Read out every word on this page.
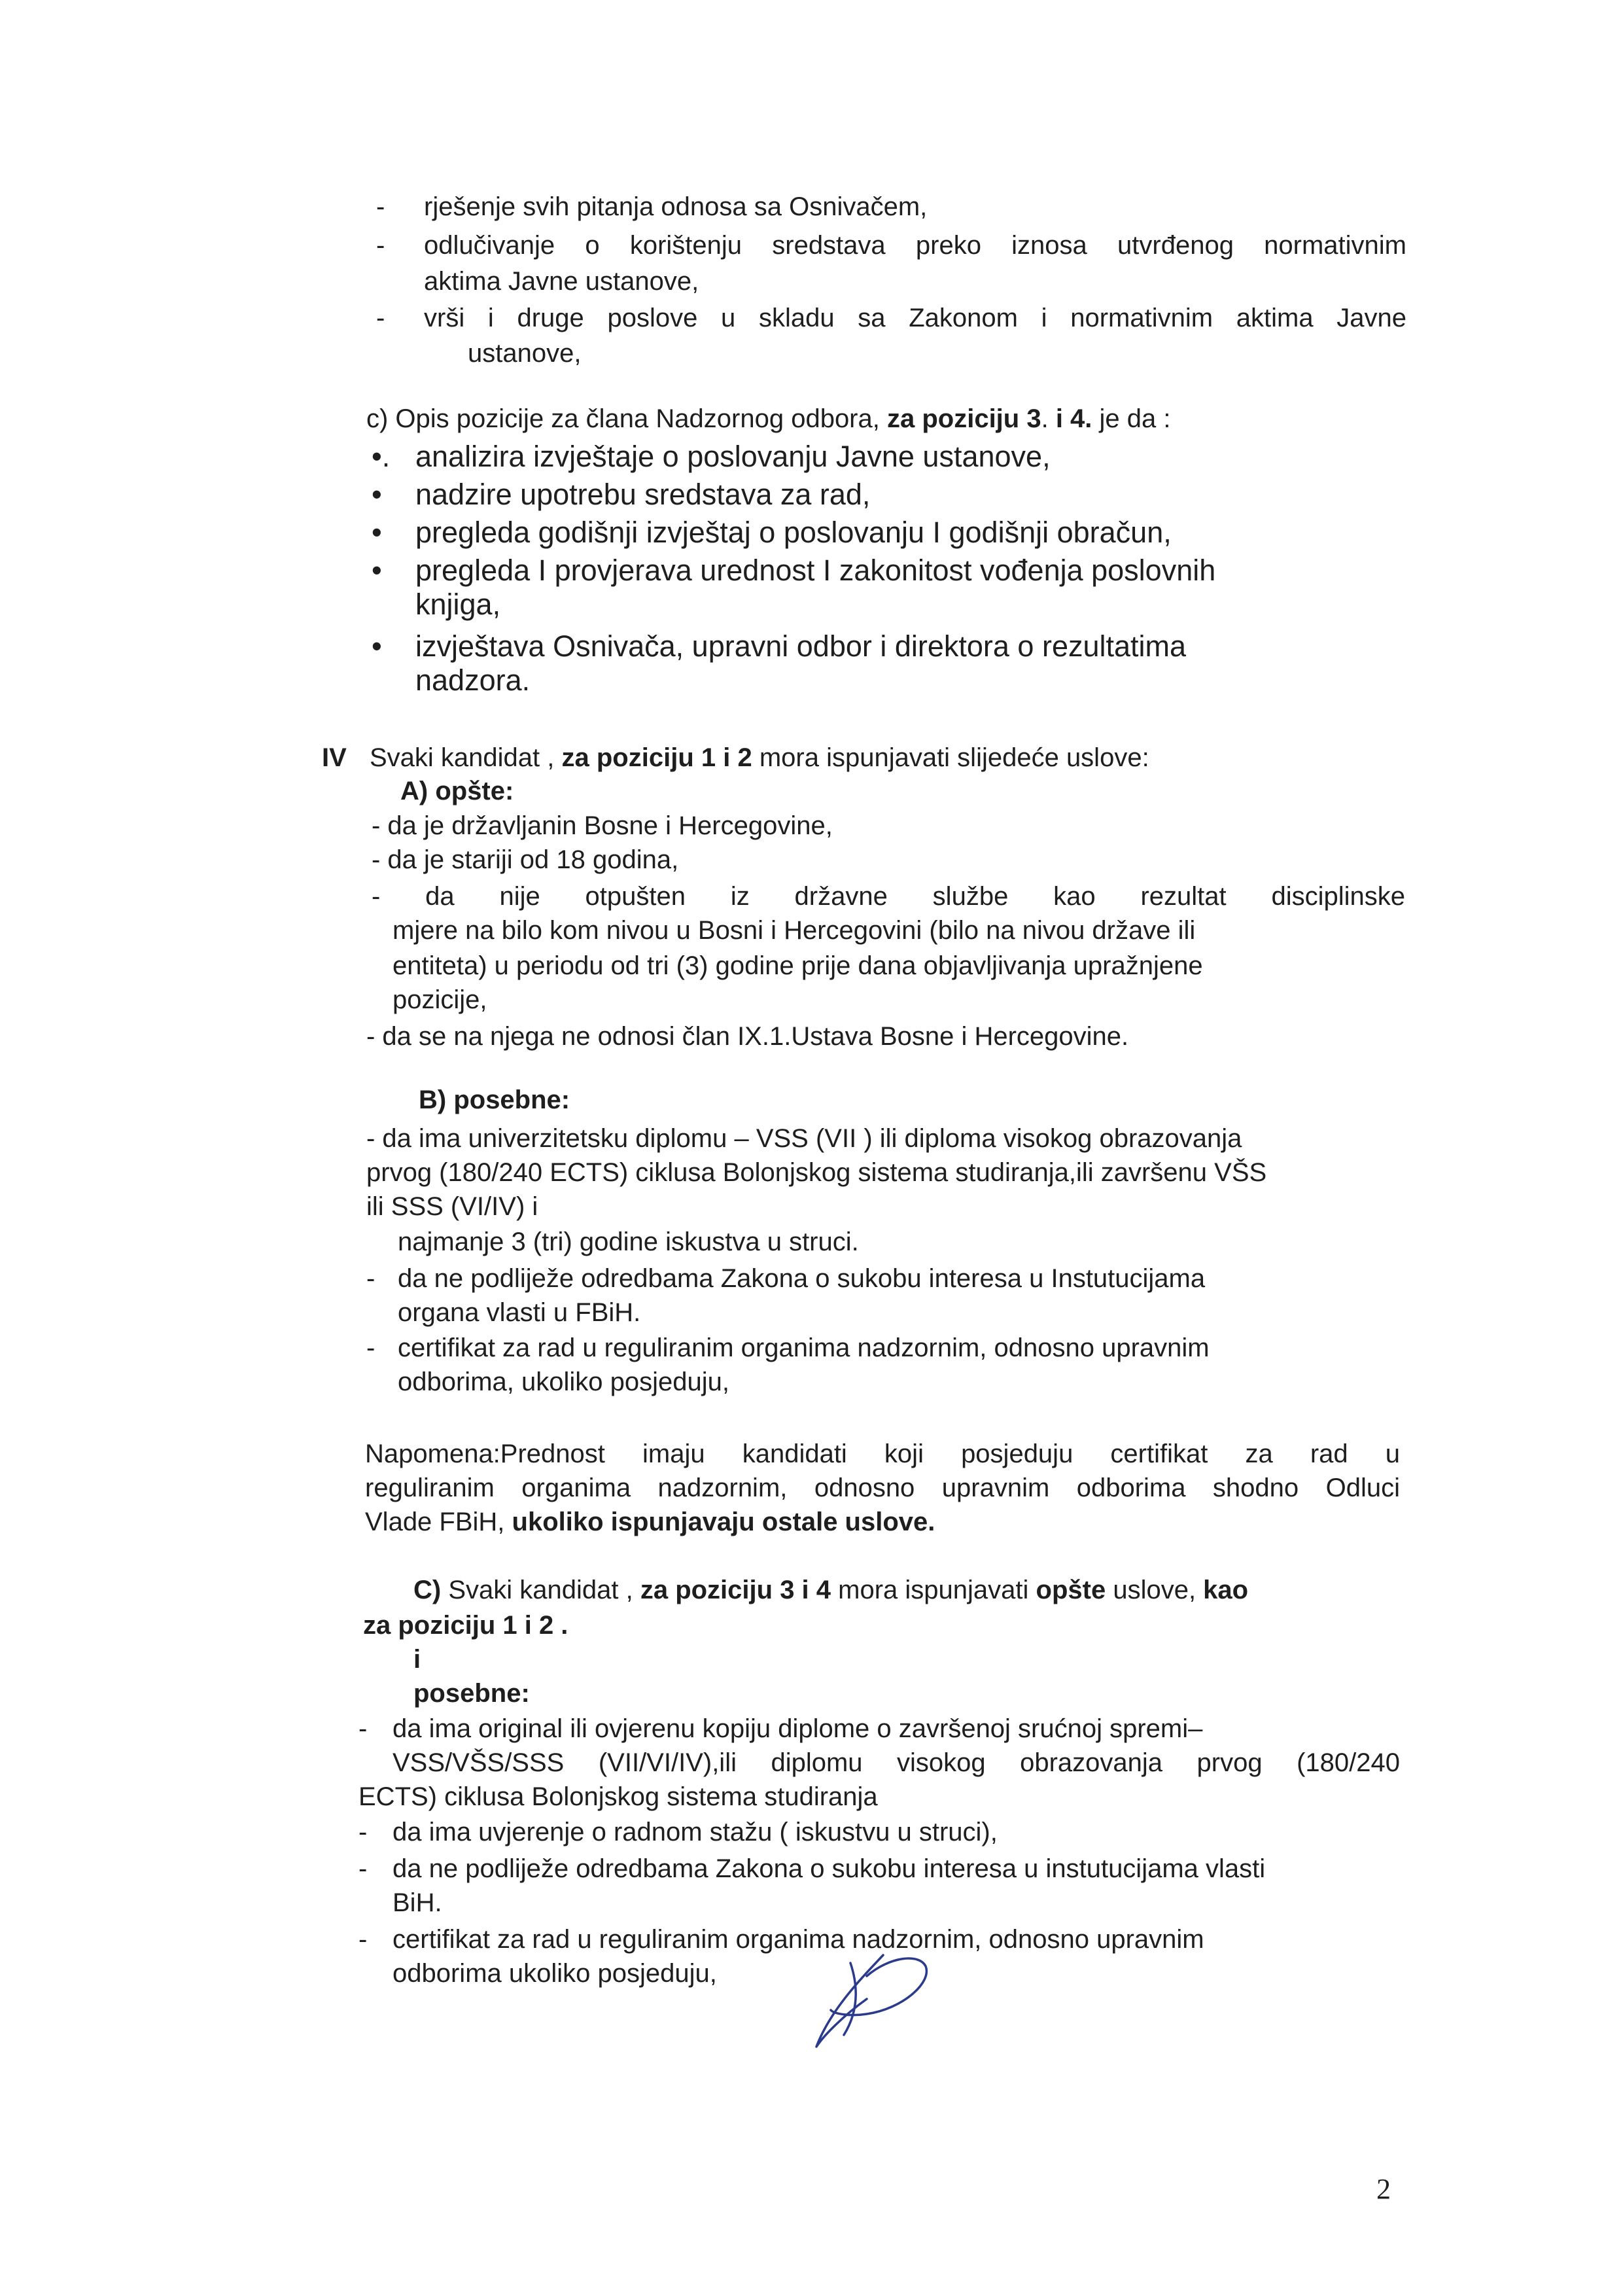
- rješenje svih pitanja odnosa sa Osnivačem,
- odlučivanje o korištenju sredstava preko iznosa utvrđenog normativnim
aktima Javne ustanove,
- vrši i druge poslove u skladu sa Zakonom i normativnim aktima Javne
ustanove,
c) Opis pozicije za člana Nadzornog odbora, za poziciju 3. i 4. je da :
•. analizira izvještaje o poslovanju Javne ustanove,
• nadzire upotrebu sredstava za rad,
• pregleda godišnji izvještaj o poslovanju I godišnji obračun,
• pregleda I provjerava urednost I zakonitost vođenja poslovnih
knjiga,
• izvještava Osnivača, upravni odbor i direktora o rezultatima
nadzora.
IV Svaki kandidat , za poziciju 1 i 2 mora ispunjavati slijedeće uslove:
A) opšte:
- da je državljanin Bosne i Hercegovine,
- da je stariji od 18 godina,
- da nije otpušten iz državne službe kao rezultat disciplinske
mjere na bilo kom nivou u Bosni i Hercegovini (bilo na nivou države ili
entiteta) u periodu od tri (3) godine prije dana objavljivanja upražnjene
pozicije,
- da se na njega ne odnosi član IX.1.Ustava Bosne i Hercegovine.
B) posebne:
- da ima univerzitetsku diplomu – VSS (VII ) ili diploma visokog obrazovanja
prvog (180/240 ECTS) ciklusa Bolonjskog sistema studiranja,ili završenu VŠS
ili SSS (VI/IV) i
najmanje 3 (tri) godine iskustva u struci.
- da ne podliježe odredbama Zakona o sukobu interesa u Instutucijama
organa vlasti u FBiH.
- certifikat za rad u reguliranim organima nadzornim, odnosno upravnim
odborima, ukoliko posjeduju,
Napomena:Prednost imaju kandidati koji posjeduju certifikat za rad u
reguliranim organima nadzornim, odnosno upravnim odborima shodno Odluci
Vlade FBiH, ukoliko ispunjavaju ostale uslove.
C) Svaki kandidat , za poziciju 3 i 4 mora ispunjavati opšte uslove, kao
za poziciju 1 i 2 .
i
posebne:
- da ima original ili ovjerenu kopiju diplome o završenoj srućnoj spremi–
VSS/VŠS/SSS (VII/VI/IV),ili diplomu visokog obrazovanja prvog (180/240
ECTS) ciklusa Bolonjskog sistema studiranja
- da ima uvjerenje o radnom stažu ( iskustvu u struci),
- da ne podliježe odredbama Zakona o sukobu interesa u instutucijama vlasti
BiH.
- certifikat za rad u reguliranim organima nadzornim, odnosno upravnim
odborima ukoliko posjeduju,
2
